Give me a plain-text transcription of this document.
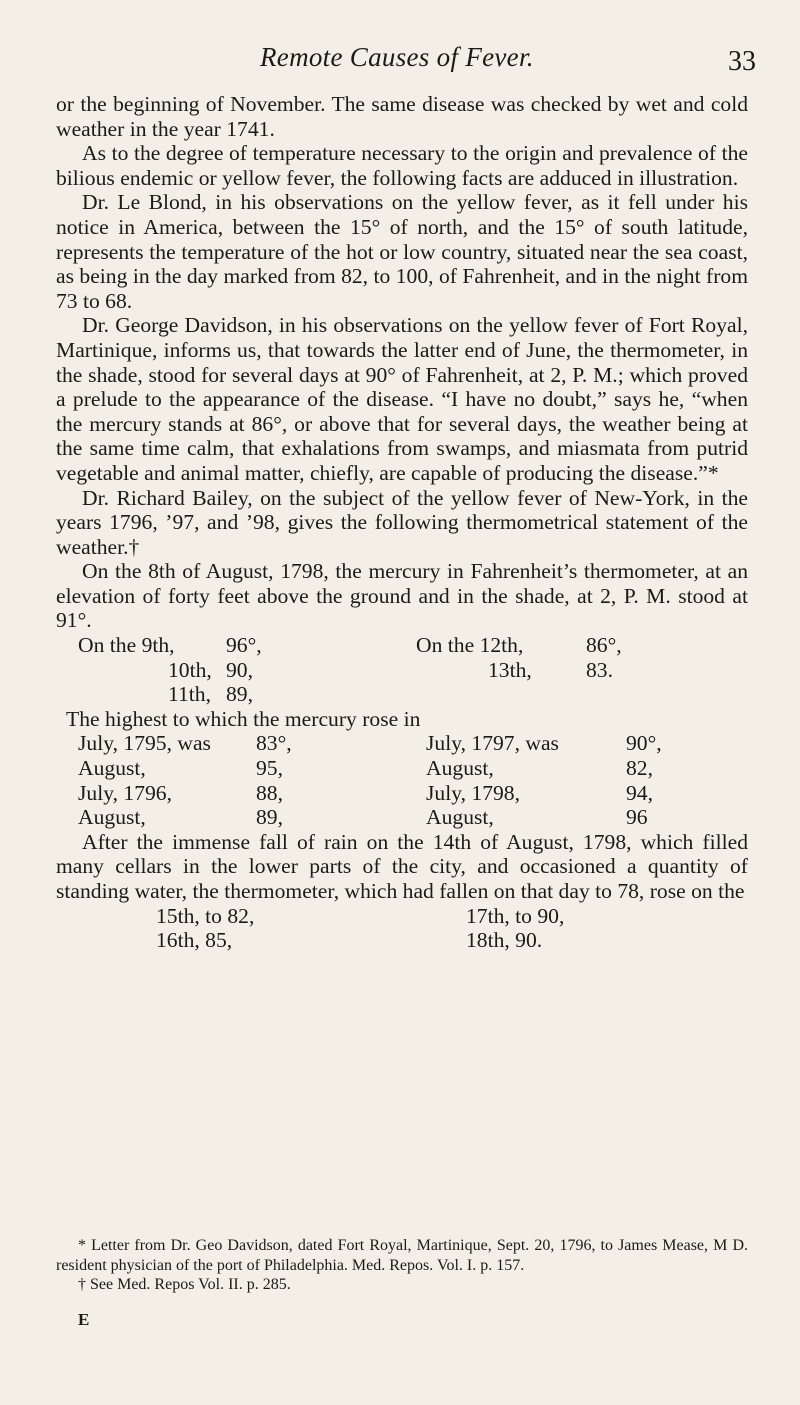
Remote Causes of Fever.	33

or the beginning of November. The same disease was checked by wet and cold weather in the year 1741.

As to the degree of temperature necessary to the origin and prevalence of the bilious endemic or yellow fever, the following facts are adduced in illustration.

Dr. Le Blond, in his observations on the yellow fever, as it fell under his notice in America, between the 15° of north, and the 15° of south latitude, represents the temperature of the hot or low country, situated near the sea coast, as being in the day marked from 82, to 100, of Fahrenheit, and in the night from 73 to 68.

Dr. George Davidson, in his observations on the yellow fever of Fort Royal, Martinique, informs us, that towards the latter end of June, the thermometer, in the shade, stood for several days at 90° of Fahrenheit, at 2, P. M.; which proved a prelude to the appearance of the disease. “I have no doubt,” says he, “when the mercury stands at 86°, or above that for several days, the weather being at the same time calm, that exhalations from swamps, and miasmata from putrid vegetable and animal matter, chiefly, are capable of producing the disease.”*

Dr. Richard Bailey, on the subject of the yellow fever of New-York, in the years 1796, ’97, and ’98, gives the following thermometrical statement of the weather.†

On the 8th of August, 1798, the mercury in Fahrenheit’s thermometer, at an elevation of forty feet above the ground and in the shade, at 2, P. M. stood at 91°.

On the 9th,	96°,	On the 12th,	86°,
10th,	90,	13th,	83.
11th,	89,		

The highest to which the mercury rose in

July, 1795, was	83°,	July, 1797, was	90°,
August,	95,	August,	82,
July, 1796,	88,	July, 1798,	94,
August,	89,	August,	96

After the immense fall of rain on the 14th of August, 1798, which filled many cellars in the lower parts of the city, and occasioned a quantity of standing water, the thermometer, which had fallen on that day to 78, rose on the

15th, to 82,	17th, to 90,
16th, 85,	18th, 90.

* Letter from Dr. Geo Davidson, dated Fort Royal, Martinique, Sept. 20, 1796, to James Mease, M D. resident physician of the port of Philadelphia. Med. Repos. Vol. I. p. 157.

† See Med. Repos Vol. II. p. 285.

E
